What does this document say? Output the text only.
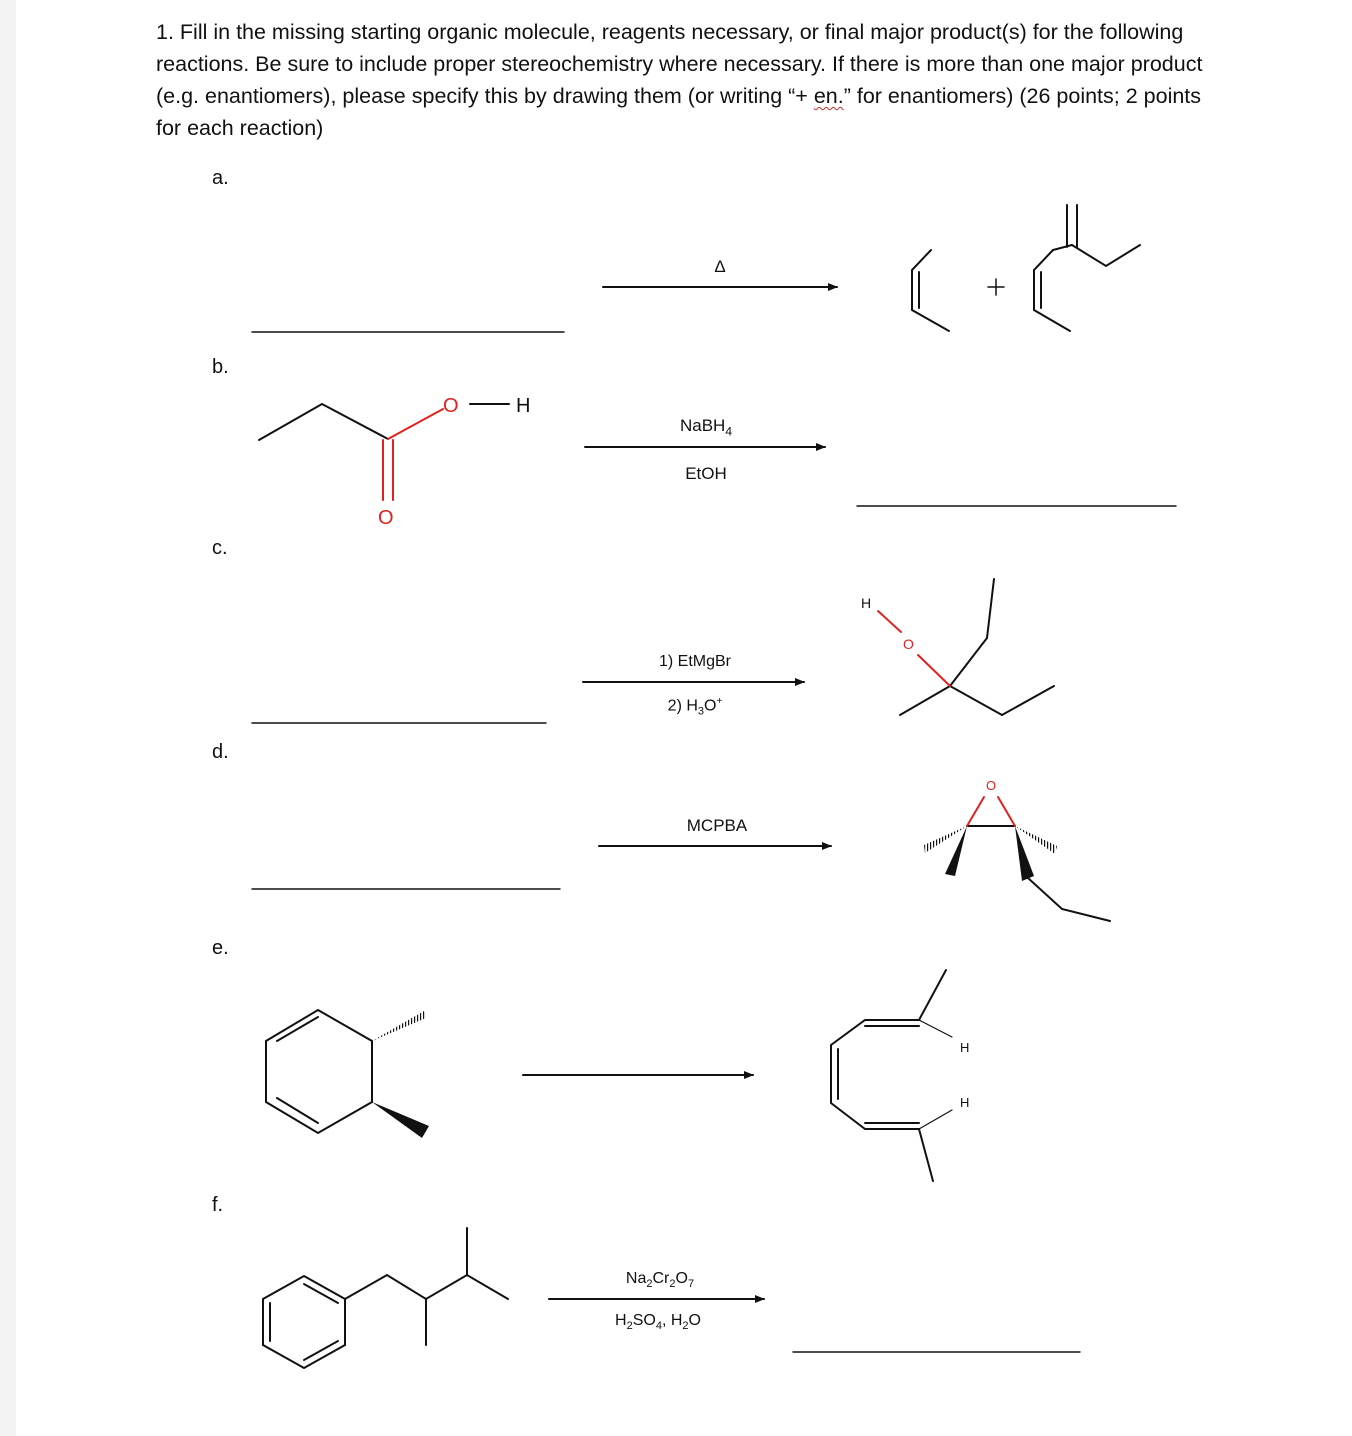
1. Fill in the missing starting organic molecule, reagents necessary, or final major product(s) for the following reactions. Be sure to include proper stereochemistry where necessary. If there is more than one major product (e.g. enantiomers), please specify this by drawing them (or writing “+ en.” for enantiomers) (26 points; 2 points for each reaction)

a.
b.
c.
d.
e.
f.
Δ
NaBH$_4$
EtOH
1) EtMgBr
2) $H_3O^+$
MCPBA
$Na_2Cr_2O_7$
$H_2SO_4$, $H_2O$
O	H
O
H
O
O
H
H
